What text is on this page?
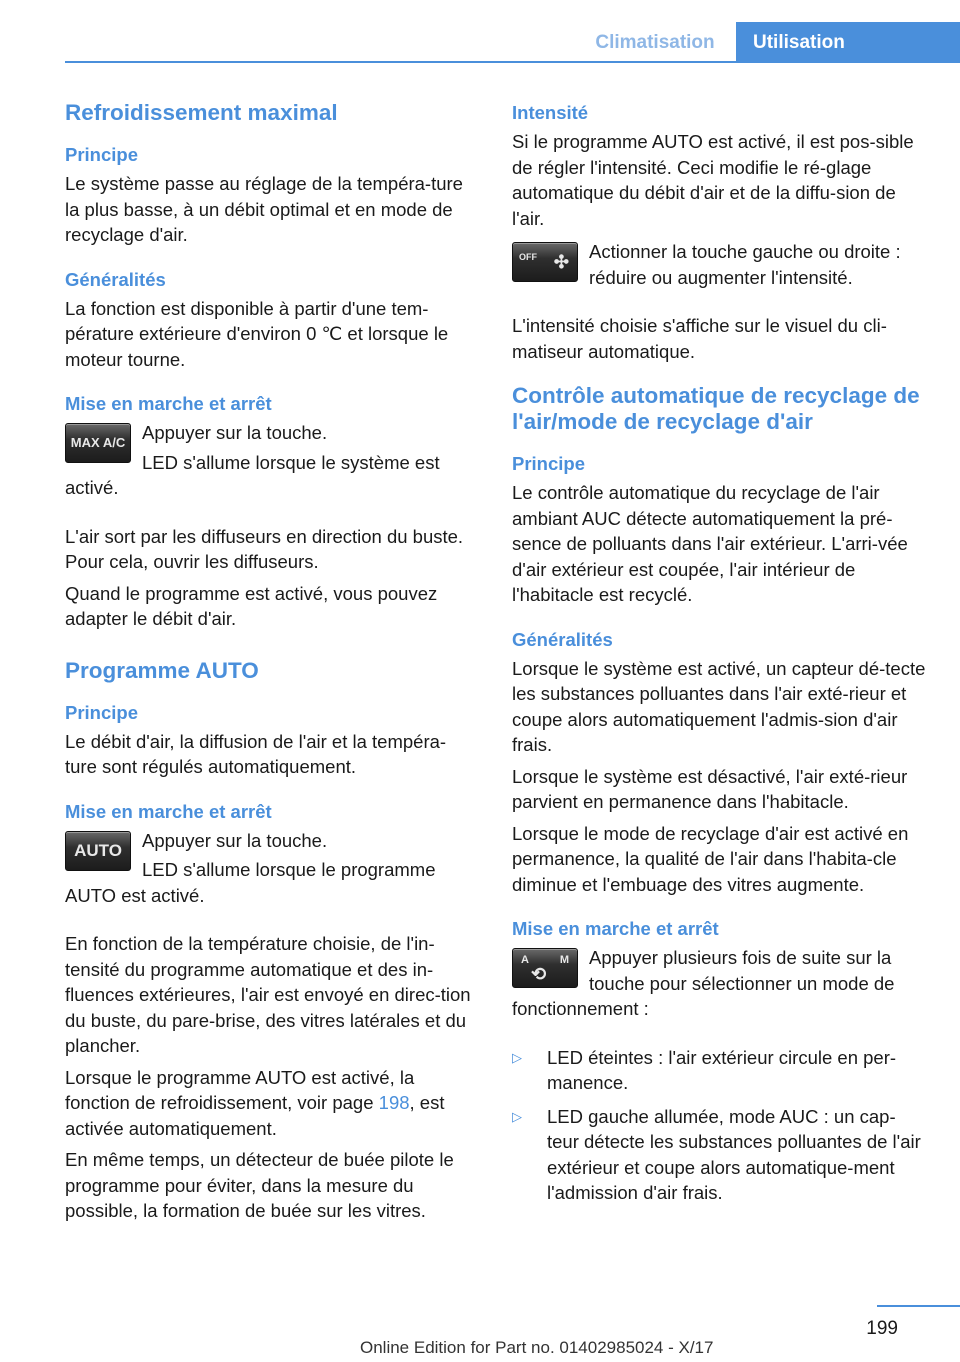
Climatisation	Utilisation
Refroidissement maximal
Principe

Le système passe au réglage de la tempéra-ture la plus basse, à un débit optimal et en mode de recyclage d'air.

Généralités

La fonction est disponible à partir d'une tem-pérature extérieure d'environ 0 ℃ et lorsque le moteur tourne.

Mise en marche et arrêt
MAX A/C Appuyer sur la touche.

LED s'allume lorsque le système est activé.

L'air sort par les diffuseurs en direction du buste. Pour cela, ouvrir les diffuseurs.

Quand le programme est activé, vous pouvez adapter le débit d'air.

Programme AUTO
Principe

Le débit d'air, la diffusion de l'air et la tempéra-ture sont régulés automatiquement.

Mise en marche et arrêt
AUTO	Appuyer sur la touche.

LED s'allume lorsque le programme AUTO est activé.

En fonction de la température choisie, de l'in-tensité du programme automatique et des in-fluences extérieures, l'air est envoyé en direc-tion du buste, du pare-brise, des vitres latérales et du plancher.

Lorsque le programme AUTO est activé, la fonction de refroidissement, voir page 198, est activée automatiquement.

En même temps, un détecteur de buée pilote le programme pour éviter, dans la mesure du possible, la formation de buée sur les vitres.

Intensité

Si le programme AUTO est activé, il est pos-sible de régler l'intensité. Ceci modifie le ré-glage automatique du débit d'air et de la diffu-sion de l'air.

OFF ✣	Actionner la touche gauche ou droite : réduire ou augmenter l'intensité.

L'intensité choisie s'affiche sur le visuel du cli-matiseur automatique.

Contrôle automatique de recyclage de l'air/mode de recyclage d'air
Principe

Le contrôle automatique du recyclage de l'air ambiant AUC détecte automatiquement la pré-sence de polluants dans l'air extérieur. L'arri-vée d'air extérieur est coupée, l'air intérieur de l'habitacle est recyclé.

Généralités

Lorsque le système est activé, un capteur dé-tecte les substances polluantes dans l'air exté-rieur et coupe alors automatiquement l'admis-sion d'air frais.

Lorsque le système est désactivé, l'air exté-rieur parvient en permanence dans l'habitacle.

Lorsque le mode de recyclage d'air est activé en permanence, la qualité de l'air dans l'habita-cle diminue et l'embuage des vitres augmente.

Mise en marche et arrêt
A	M
⟲

Appuyer plusieurs fois de suite sur la touche pour sélectionner un mode de fonctionnement :

▷ LED éteintes : l'air extérieur circule en per-manence.
▷ LED gauche allumée, mode AUC : un cap-teur détecte les substances polluantes de l'air extérieur et coupe alors automatique-ment l'admission d'air frais.
199
Online Edition for Part no. 01402985024 - X/17
